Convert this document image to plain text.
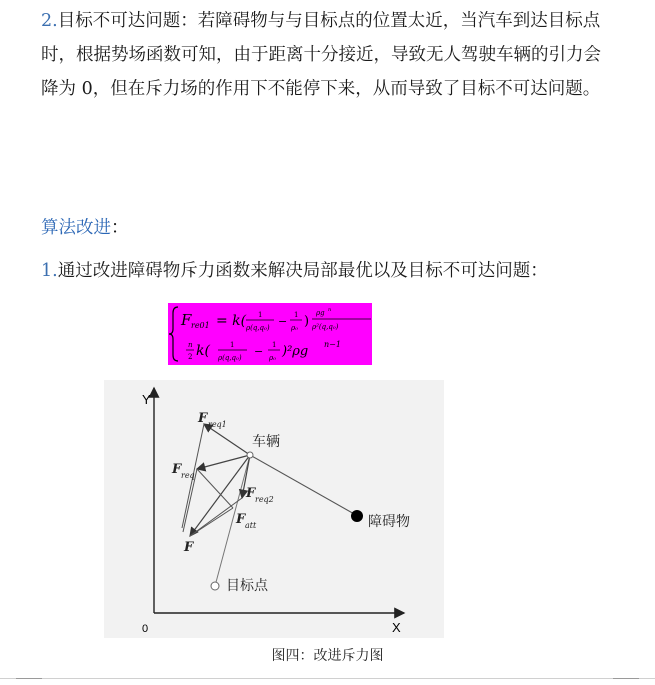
2.目标不可达问题：若障碍物与与目标点的位置太近，当汽车到达目标点时，根据势场函数可知，由于距离十分接近，导致无人驾驶车辆的引力会降为 0，但在斥力场的作用下不能停下来，从而导致了目标不可达问题。
算法改进：
1.通过改进障碍物斥力函数来解决局部最优以及目标不可达问题：
F re01 = k( 1
ρ(q,q₀) − 1
ρ₀ )
ρg n
ρ²(q,q₀)
n
2 k(	1
ρ(q,q₀) − 1
ρ₀ )²ρg n−1
Y
X
0
车辆
障碍物
目标点
F req1
F req
F req2
F att
F
图四：改进斥力图
